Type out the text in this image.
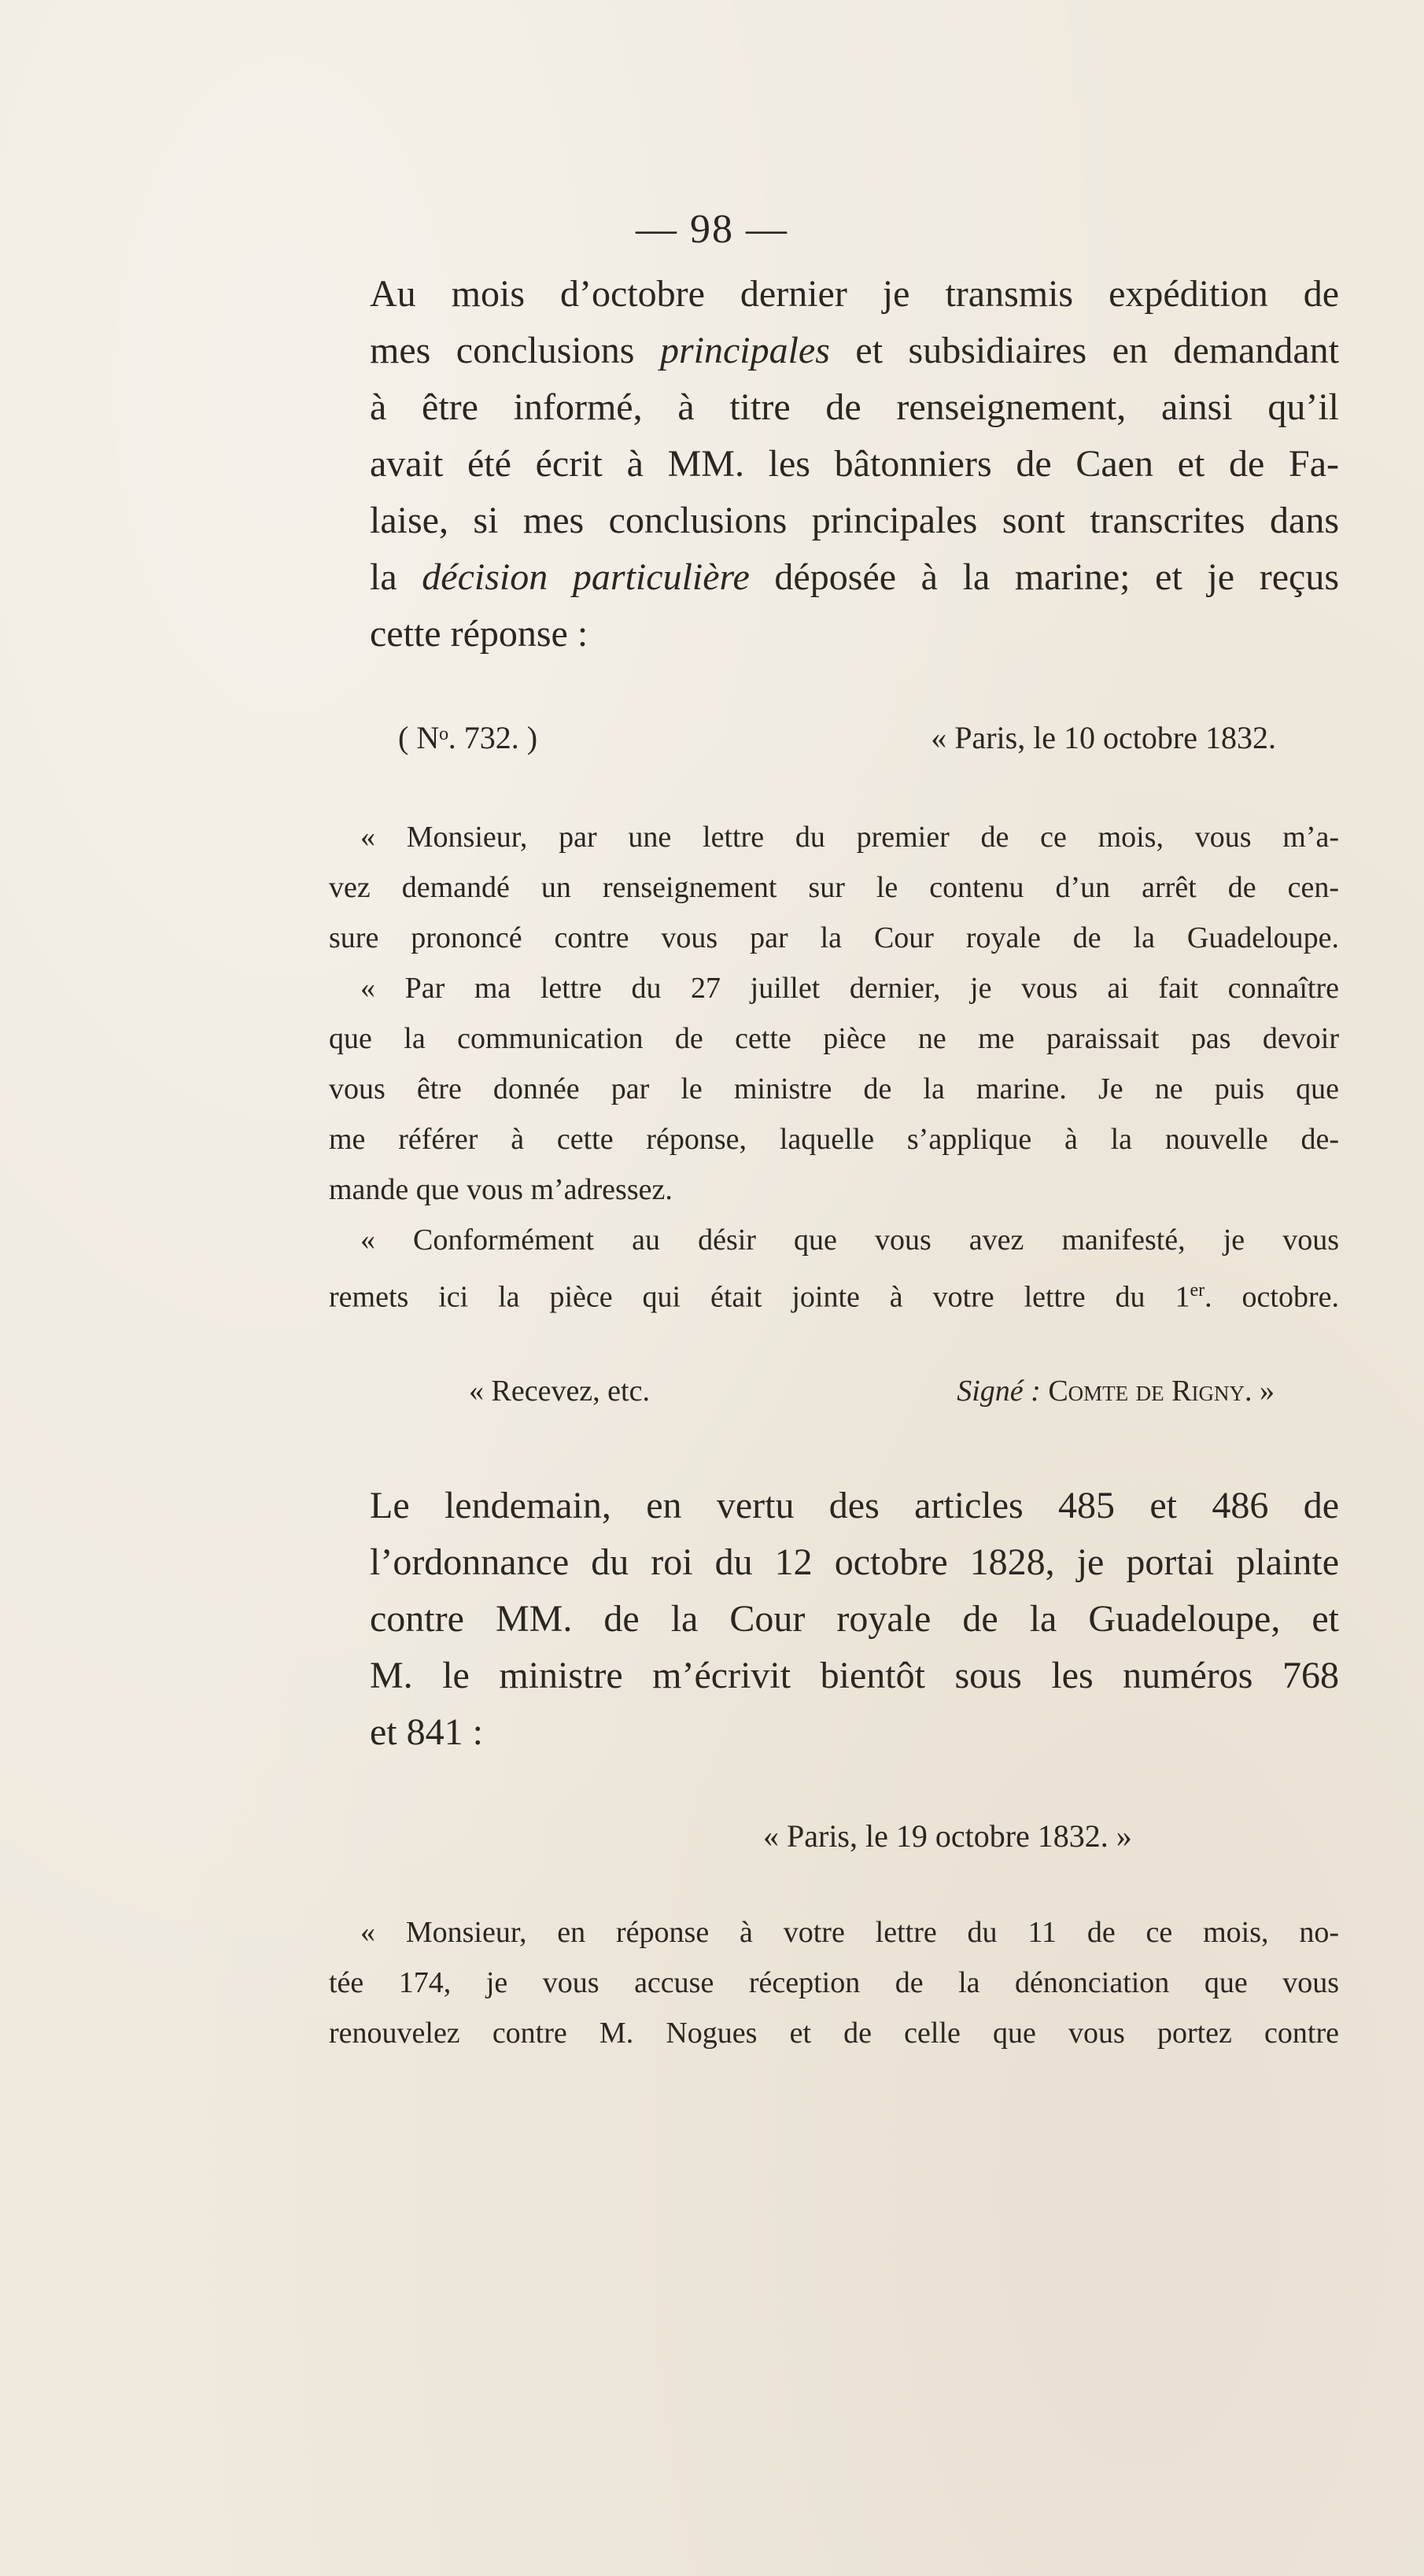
— 98 —
Au mois d’octobre dernier je transmis expédition de
mes conclusions principales et subsidiaires en demandant
à être informé, à titre de renseignement, ainsi qu’il
avait été écrit à MM. les bâtonniers de Caen et de Fa-
laise, si mes conclusions principales sont transcrites dans
la décision particulière déposée à la marine; et je reçus
cette réponse :
( Nᵒ. 732. )	« Paris, le 10 octobre 1832.
« Monsieur, par une lettre du premier de ce mois, vous m’a-
vez demandé un renseignement sur le contenu d’un arrêt de cen-
sure prononcé contre vous par la Cour royale de la Guadeloupe.
« Par ma lettre du 27 juillet dernier, je vous ai fait connaître
que la communication de cette pièce ne me paraissait pas devoir
vous être donnée par le ministre de la marine. Je ne puis que
me référer à cette réponse, laquelle s’applique à la nouvelle de-
mande que vous m’adressez.
« Conformément au désir que vous avez manifesté, je vous
remets ici la pièce qui était jointe à votre lettre du 1er. octobre.
« Recevez, etc.	Signé : Comte de Rigny. »
Le lendemain, en vertu des articles 485 et 486 de
l’ordonnance du roi du 12 octobre 1828, je portai plainte
contre MM. de la Cour royale de la Guadeloupe, et
M. le ministre m’écrivit bientôt sous les numéros 768
et 841 :
« Paris, le 19 octobre 1832. »
« Monsieur, en réponse à votre lettre du 11 de ce mois, no-
tée 174, je vous accuse réception de la dénonciation que vous
renouvelez contre M. Nogues et de celle que vous portez contre
